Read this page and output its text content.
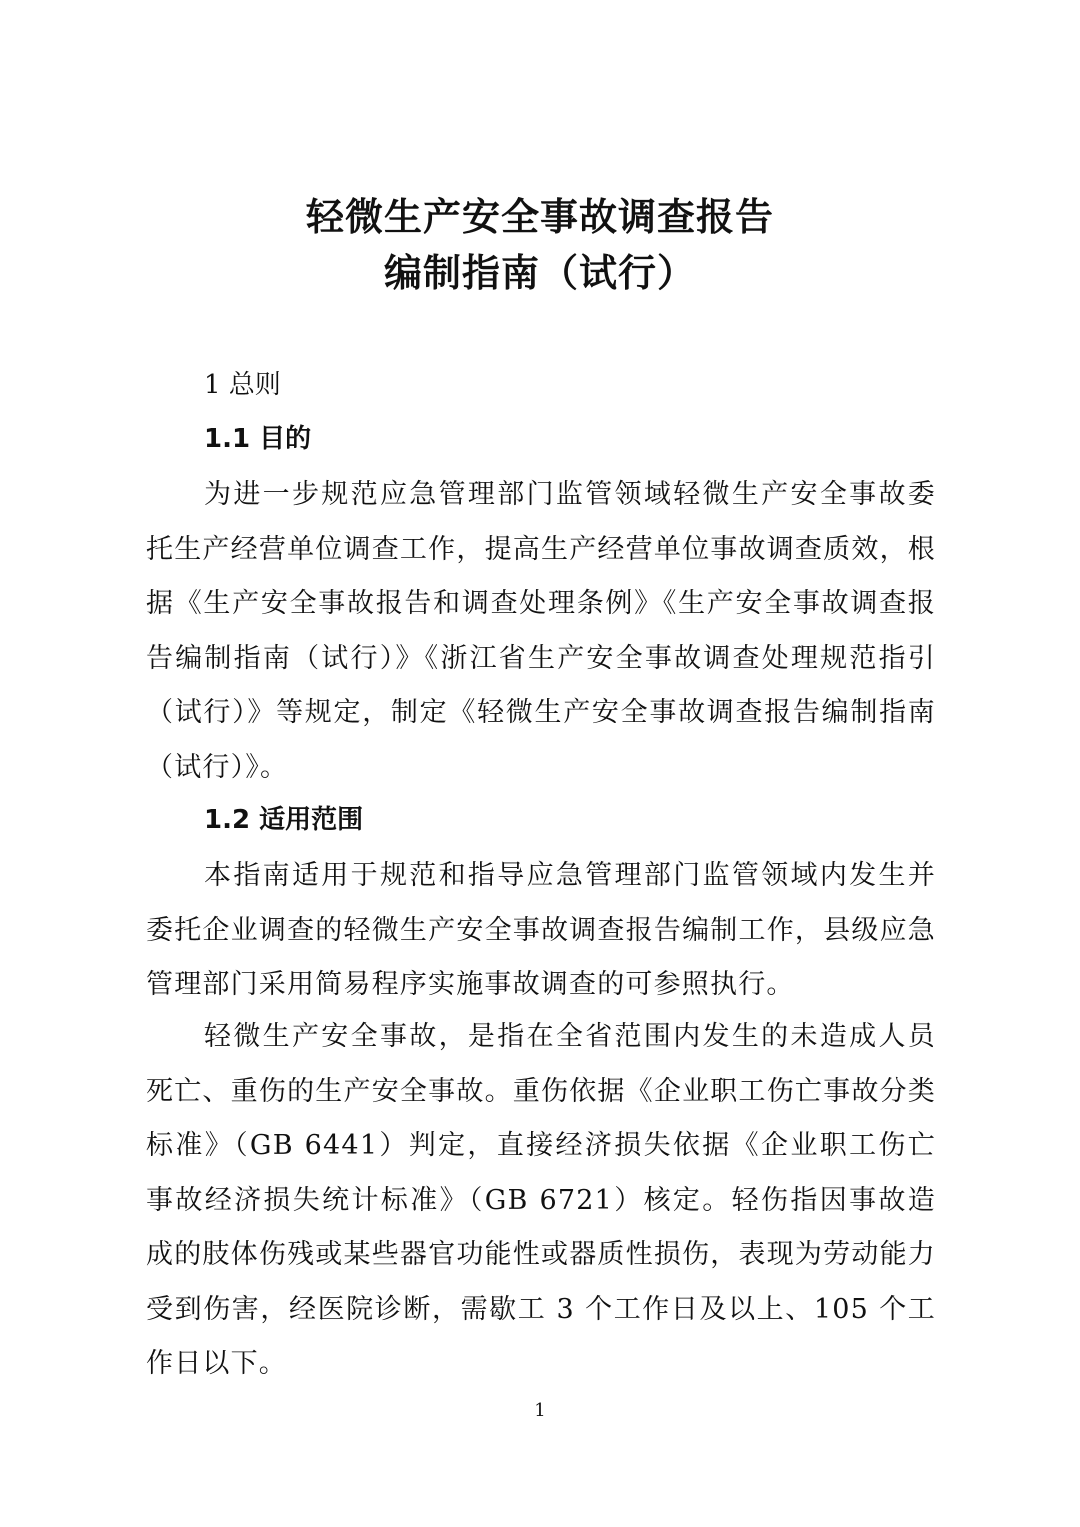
轻微生产安全事故调查报告
编制指南（试行）
1 总则
1.1 目的

为进一步规范应急管理部门监管领域轻微生产安全事故委托生产经营单位调查工作，提高生产经营单位事故调查质效，根据《生产安全事故报告和调查处理条例》《生产安全事故调查报告编制指南（试行）》《浙江省生产安全事故调查处理规范指引（试行）》等规定，制定《轻微生产安全事故调查报告编制指南（试行）》。

1.2 适用范围

本指南适用于规范和指导应急管理部门监管领域内发生并委托企业调查的轻微生产安全事故调查报告编制工作，县级应急管理部门采用简易程序实施事故调查的可参照执行。

轻微生产安全事故，是指在全省范围内发生的未造成人员死亡、重伤的生产安全事故。重伤依据《企业职工伤亡事故分类标准》（GB 6441）判定，直接经济损失依据《企业职工伤亡事故经济损失统计标准》（GB 6721）核定。轻伤指因事故造成的肢体伤残或某些器官功能性或器质性损伤，表现为劳动能力受到伤害，经医院诊断，需歇工 3 个工作日及以上、105 个工作日以下。

1
